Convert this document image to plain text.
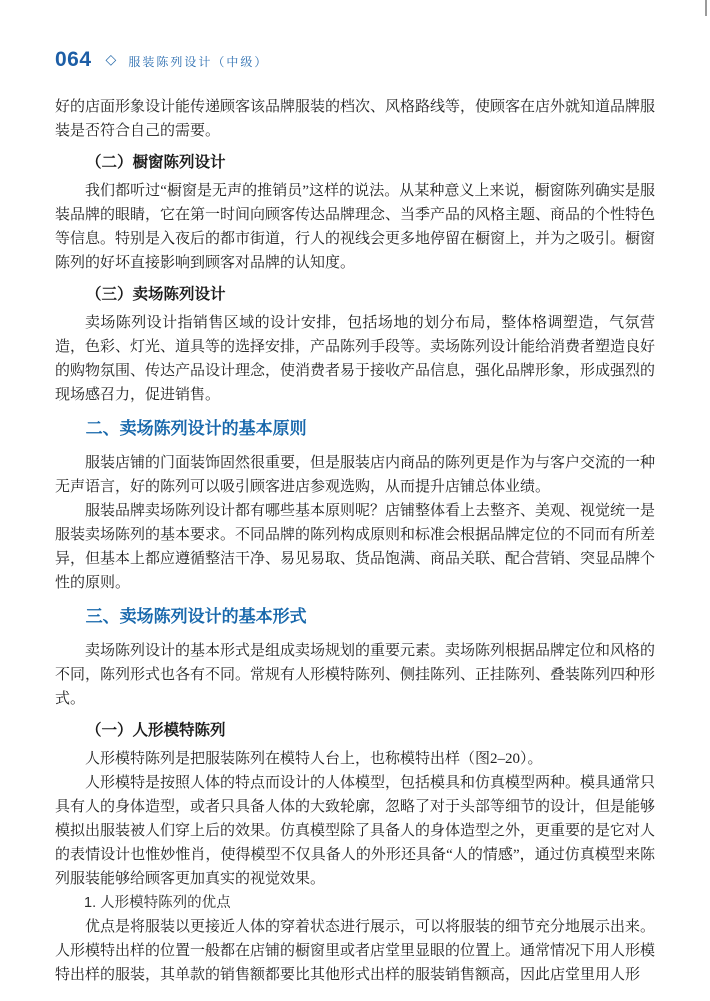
064 ◇ 服装陈列设计（中级）

好的店面形象设计能传递顾客该品牌服装的档次、风格路线等，使顾客在店外就知道品牌服装是否符合自己的需要。

（二）橱窗陈列设计

我们都听过“橱窗是无声的推销员”这样的说法。从某种意义上来说，橱窗陈列确实是服装品牌的眼睛，它在第一时间向顾客传达品牌理念、当季产品的风格主题、商品的个性特色等信息。特别是入夜后的都市街道，行人的视线会更多地停留在橱窗上，并为之吸引。橱窗陈列的好坏直接影响到顾客对品牌的认知度。

（三）卖场陈列设计

卖场陈列设计指销售区域的设计安排，包括场地的划分布局，整体格调塑造，气氛营造，色彩、灯光、道具等的选择安排，产品陈列手段等。卖场陈列设计能给消费者塑造良好的购物氛围、传达产品设计理念，使消费者易于接收产品信息，强化品牌形象，形成强烈的现场感召力，促进销售。

二、卖场陈列设计的基本原则

服装店铺的门面装饰固然很重要，但是服装店内商品的陈列更是作为与客户交流的一种无声语言，好的陈列可以吸引顾客进店参观选购，从而提升店铺总体业绩。

服装品牌卖场陈列设计都有哪些基本原则呢？店铺整体看上去整齐、美观、视觉统一是服装卖场陈列的基本要求。不同品牌的陈列构成原则和标准会根据品牌定位的不同而有所差异，但基本上都应遵循整洁干净、易见易取、货品饱满、商品关联、配合营销、突显品牌个性的原则。

三、卖场陈列设计的基本形式

卖场陈列设计的基本形式是组成卖场规划的重要元素。卖场陈列根据品牌定位和风格的不同，陈列形式也各有不同。常规有人形模特陈列、侧挂陈列、正挂陈列、叠装陈列四种形式。

（一）人形模特陈列

人形模特陈列是把服装陈列在模特人台上，也称模特出样（图2–20）。

人形模特是按照人体的特点而设计的人体模型，包括模具和仿真模型两种。模具通常只具有人的身体造型，或者只具备人体的大致轮廓，忽略了对于头部等细节的设计，但是能够模拟出服装被人们穿上后的效果。仿真模型除了具备人的身体造型之外，更重要的是它对人的表情设计也惟妙惟肖，使得模型不仅具备人的外形还具备“人的情感”，通过仿真模型来陈列服装能够给顾客更加真实的视觉效果。

1. 人形模特陈列的优点

优点是将服装以更接近人体的穿着状态进行展示，可以将服装的细节充分地展示出来。人形模特出样的位置一般都在店铺的橱窗里或者店堂里显眼的位置上。通常情况下用人形模特出样的服装，其单款的销售额都要比其他形式出样的服装销售额高，因此店堂里用人形
